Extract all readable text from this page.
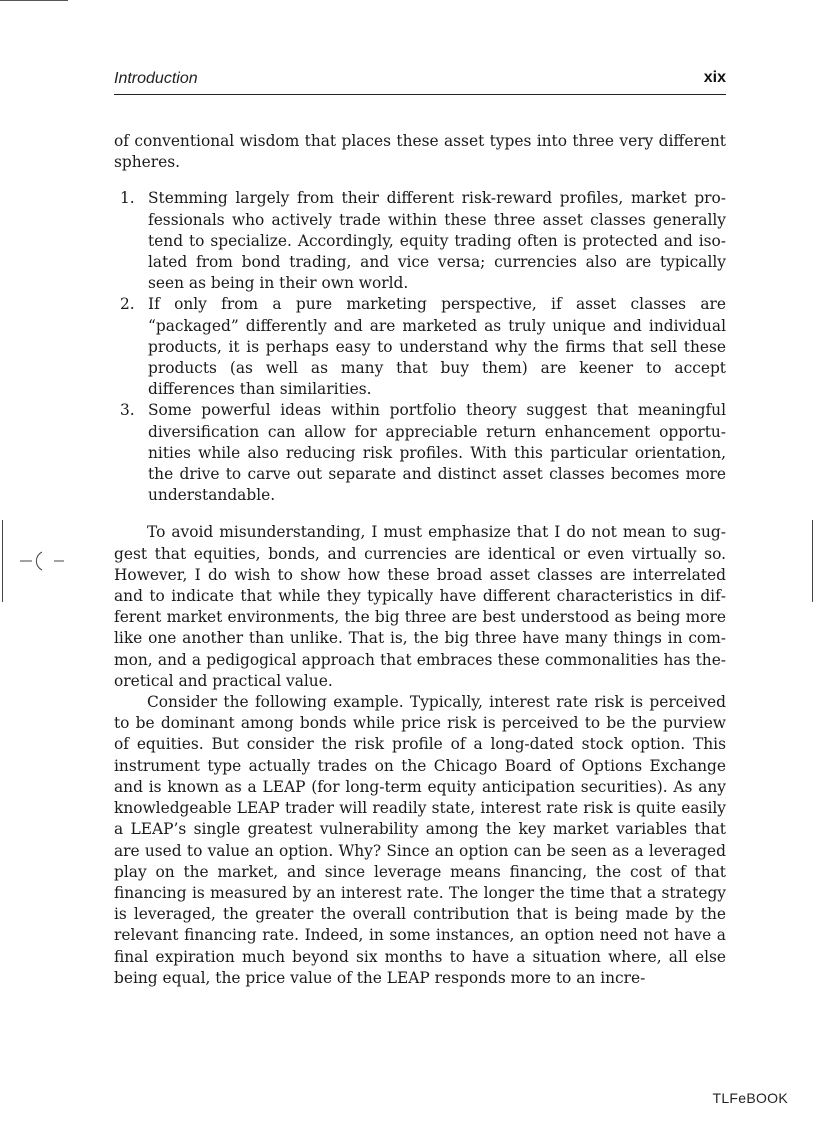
Introduction	xix

of conventional wisdom that places these asset types into three very different spheres.

1. Stemming largely from their different risk-reward profiles, market professionals who actively trade within these three asset classes generally tend to specialize. Accordingly, equity trading often is protected and isolated from bond trading, and vice versa; currencies also are typically seen as being in their own world.
2. If only from a pure marketing perspective, if asset classes are “packaged” differently and are marketed as truly unique and individual products, it is perhaps easy to understand why the firms that sell these products (as well as many that buy them) are keener to accept differences than similarities.
3. Some powerful ideas within portfolio theory suggest that meaningful diversification can allow for appreciable return enhancement opportunities while also reducing risk profiles. With this particular orientation, the drive to carve out separate and distinct asset classes becomes more understandable.

To avoid misunderstanding, I must emphasize that I do not mean to suggest that equities, bonds, and currencies are identical or even virtually so. However, I do wish to show how these broad asset classes are interrelated and to indicate that while they typically have different characteristics in different market environments, the big three are best understood as being more like one another than unlike. That is, the big three have many things in common, and a pedigogical approach that embraces these commonalities has theoretical and practical value.

Consider the following example. Typically, interest rate risk is perceived to be dominant among bonds while price risk is perceived to be the purview of equities. But consider the risk profile of a long-dated stock option. This instrument type actually trades on the Chicago Board of Options Exchange and is known as a LEAP (for long-term equity anticipation securities). As any knowledgeable LEAP trader will readily state, interest rate risk is quite easily a LEAP’s single greatest vulnerability among the key market variables that are used to value an option. Why? Since an option can be seen as a leveraged play on the market, and since leverage means financing, the cost of that financing is measured by an interest rate. The longer the time that a strategy is leveraged, the greater the overall contribution that is being made by the relevant financing rate. Indeed, in some instances, an option need not have a final expiration much beyond six months to have a situation where, all else being equal, the price value of the LEAP responds more to an incre-

TLFeBOOK
